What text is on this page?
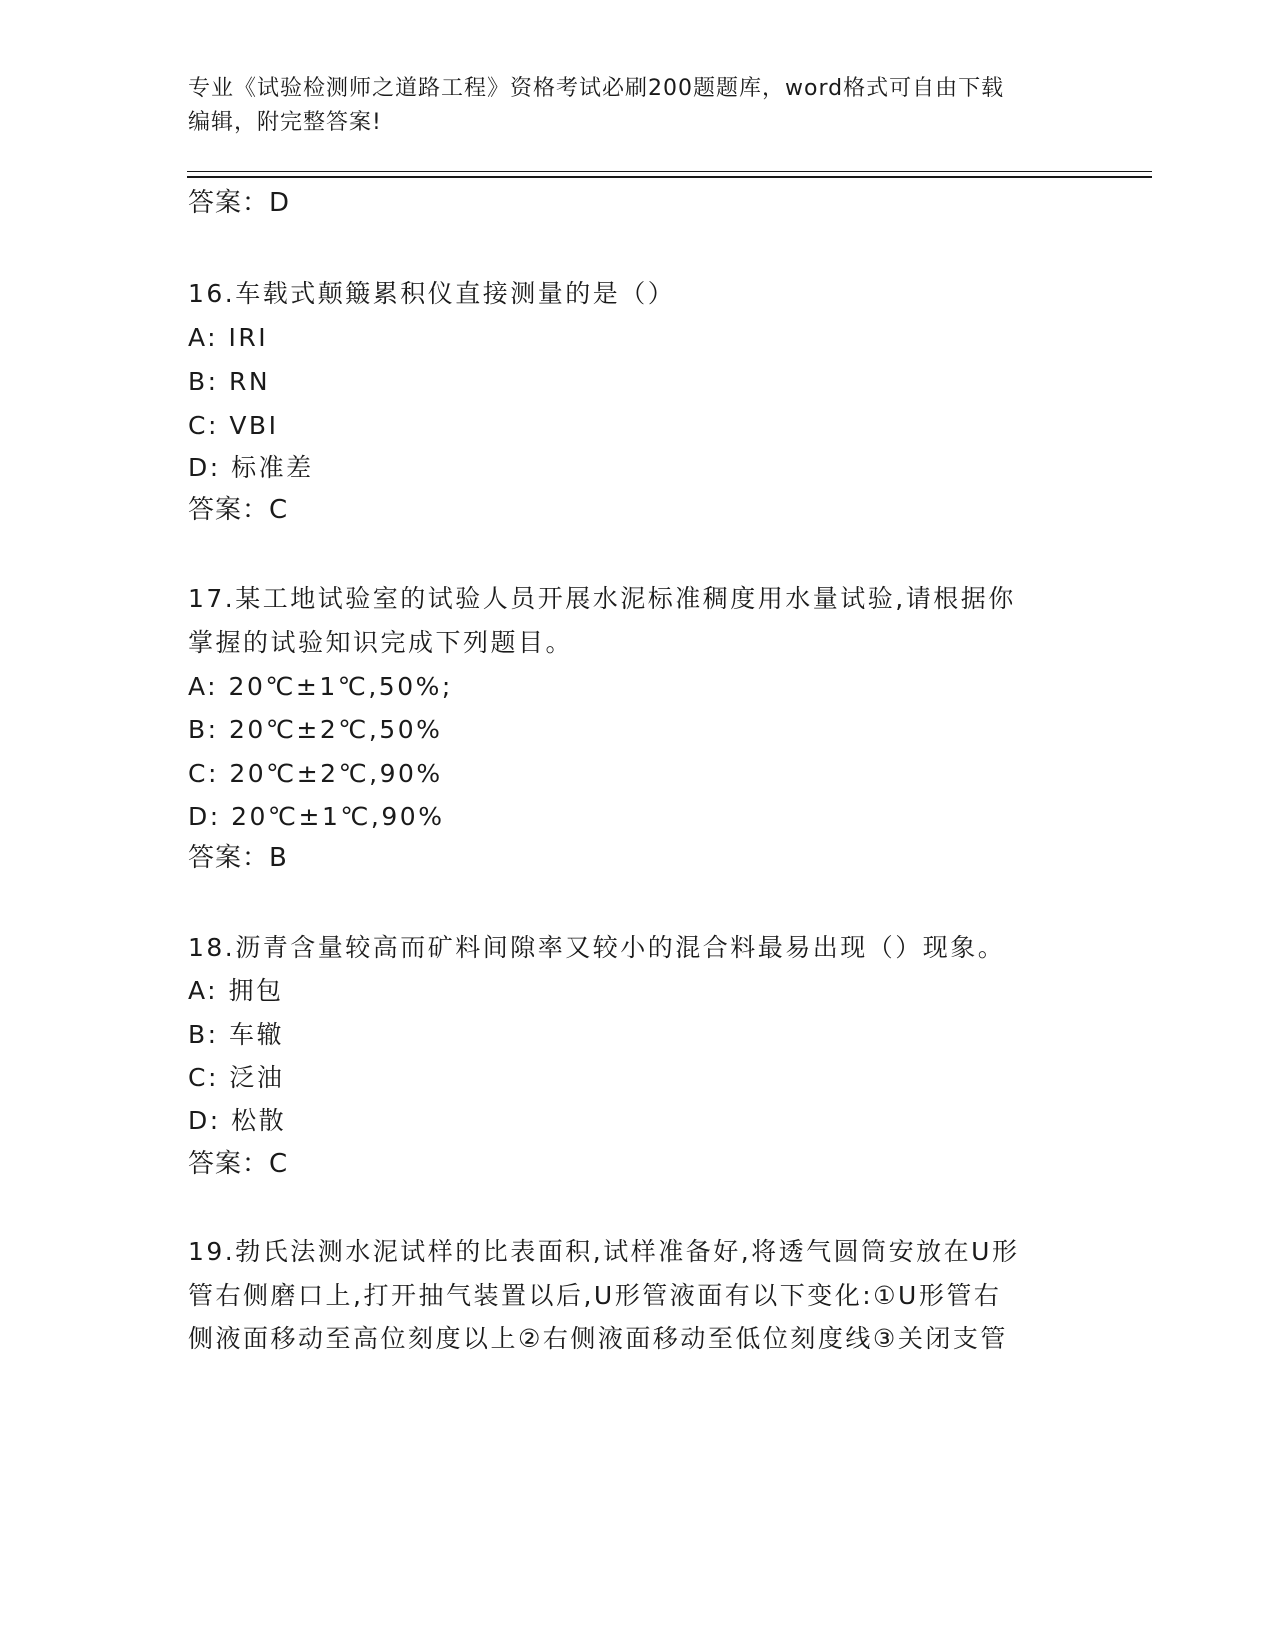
专业《试验检测师之道路工程》资格考试必刷200题题库，word格式可自由下载
编辑，附完整答案!
答案：D
16.车载式颠簸累积仪直接测量的是（）
A: IRI
B: RN
C: VBI
D: 标准差
答案：C
17.某工地试验室的试验人员开展水泥标准稠度用水量试验,请根据你
掌握的试验知识完成下列题目。
A: 20℃±1℃,50%;
B: 20℃±2℃,50%
C: 20℃±2℃,90%
D: 20℃±1℃,90%
答案：B
18.沥青含量较高而矿料间隙率又较小的混合料最易出现（）现象。
A: 拥包
B: 车辙
C: 泛油
D: 松散
答案：C
19.勃氏法测水泥试样的比表面积,试样准备好,将透气圆筒安放在U形
管右侧磨口上,打开抽气装置以后,U形管液面有以下变化:①U形管右
侧液面移动至高位刻度以上②右侧液面移动至低位刻度线③关闭支管
